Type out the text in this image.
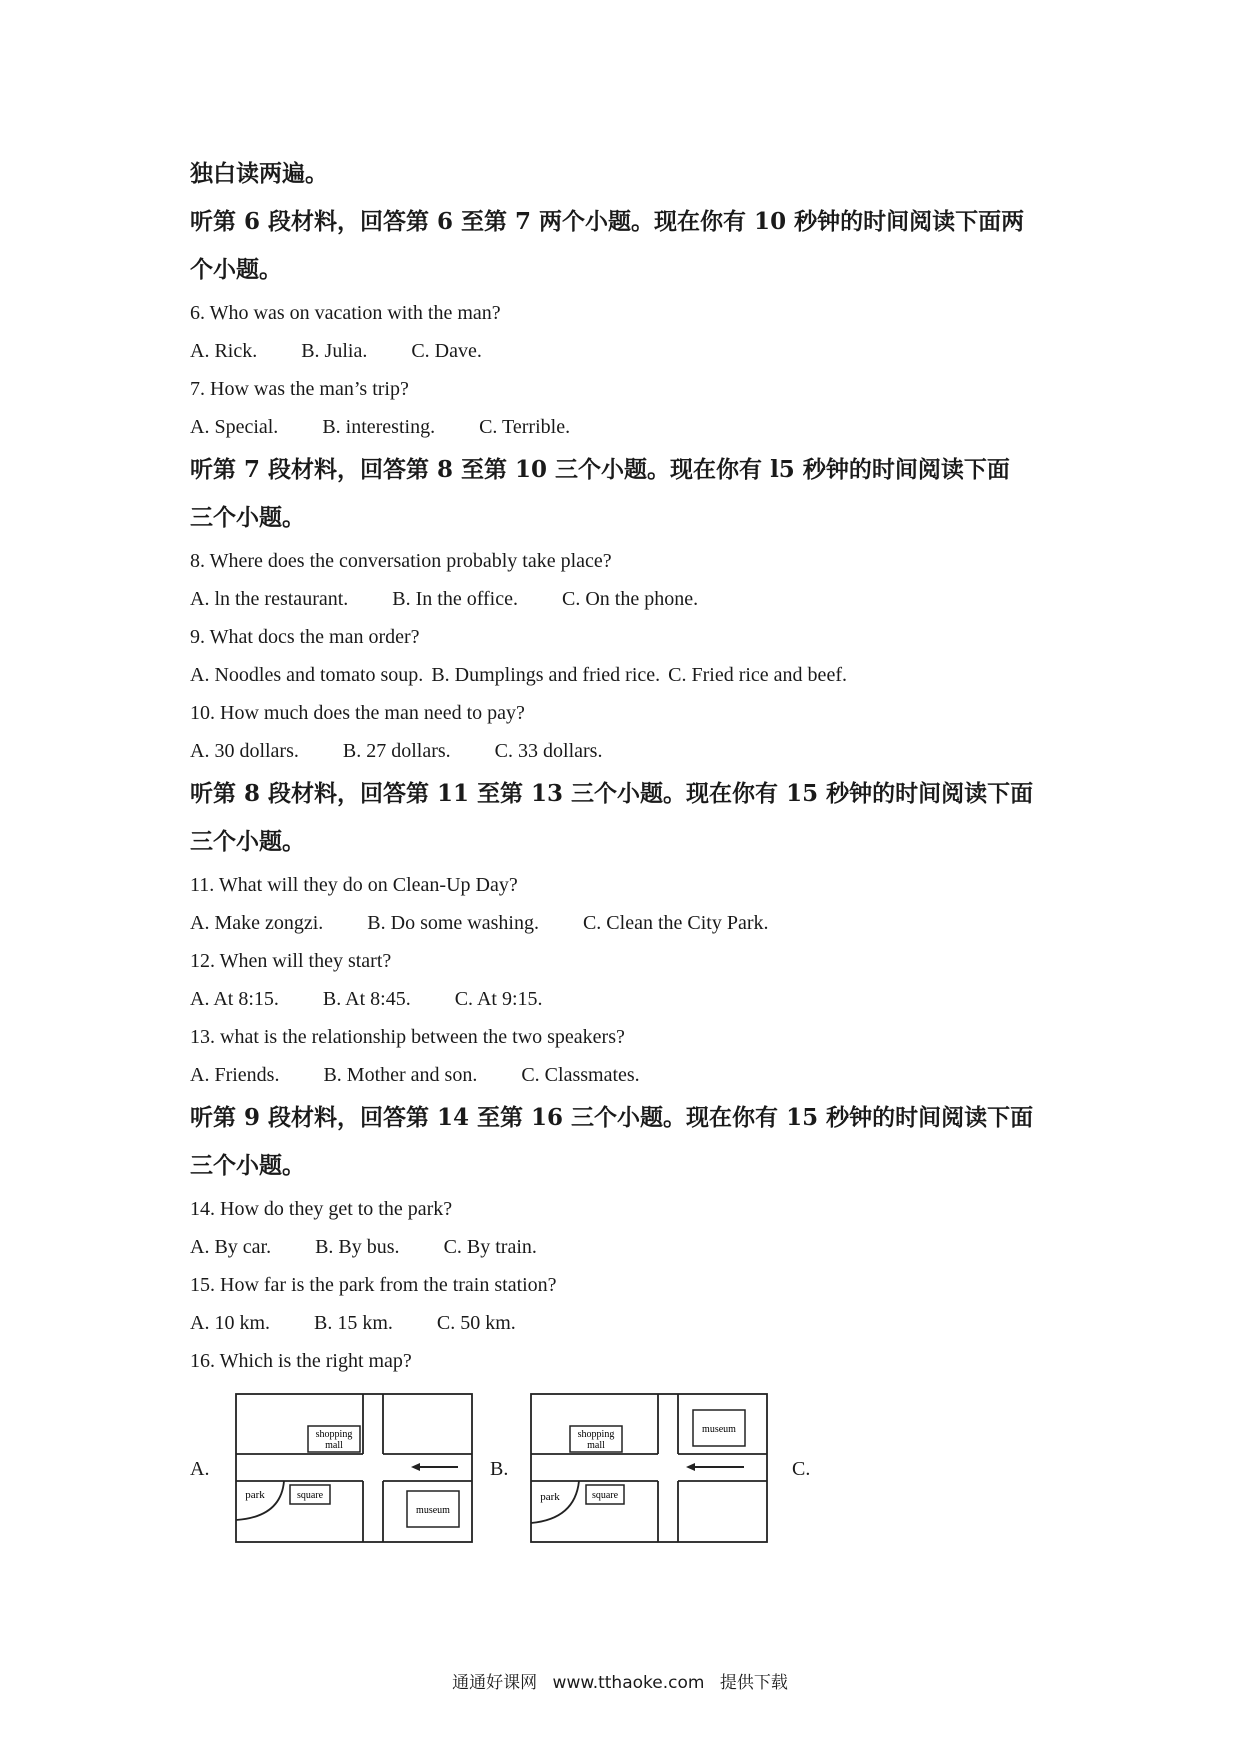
独白读两遍。

听第 6 段材料，回答第 6 至第 7 两个小题。现在你有 10 秒钟的时间阅读下面两

个小题。

6. Who was on vacation with the man?

A. Rick. B. Julia. C. Dave.

7. How was the man’s trip?

A. Special. B. interesting. C. Terrible.

听第 7 段材料，回答第 8 至第 10 三个小题。现在你有 l5 秒钟的时间阅读下面

三个小题。

8. Where does the conversation probably take place?

A. ln the restaurant. B. In the office. C. On the phone.

9. What docs the man order?

A. Noodles and tomato soup. B. Dumplings and fried rice. C. Fried rice and beef.

10. How much does the man need to pay?

A. 30 dollars. B. 27 dollars. C. 33 dollars.

听第 8 段材料，回答第 11 至第 13 三个小题。现在你有 15 秒钟的时间阅读下面

三个小题。

11. What will they do on Clean-Up Day?

A. Make zongzi. B. Do some washing. C. Clean the City Park.

12. When will they start?

A. At 8:15. B. At 8:45. C. At 9:15.

13. what is the relationship between the two speakers?

A. Friends. B. Mother and son. C. Classmates.

听第 9 段材料，回答第 14 至第 16 三个小题。现在你有 15 秒钟的时间阅读下面

三个小题。

14. How do they get to the park?

A. By car. B. By bus. C. By train.

15. How far is the park from the train station?

A. 10 km. B. 15 km. C. 50 km.

16. Which is the right map?

A.
shopping
mall
square
park
museum
B.
shopping
mall
square
park
museum
C.
通通好课网 www.tthaoke.com 提供下载
